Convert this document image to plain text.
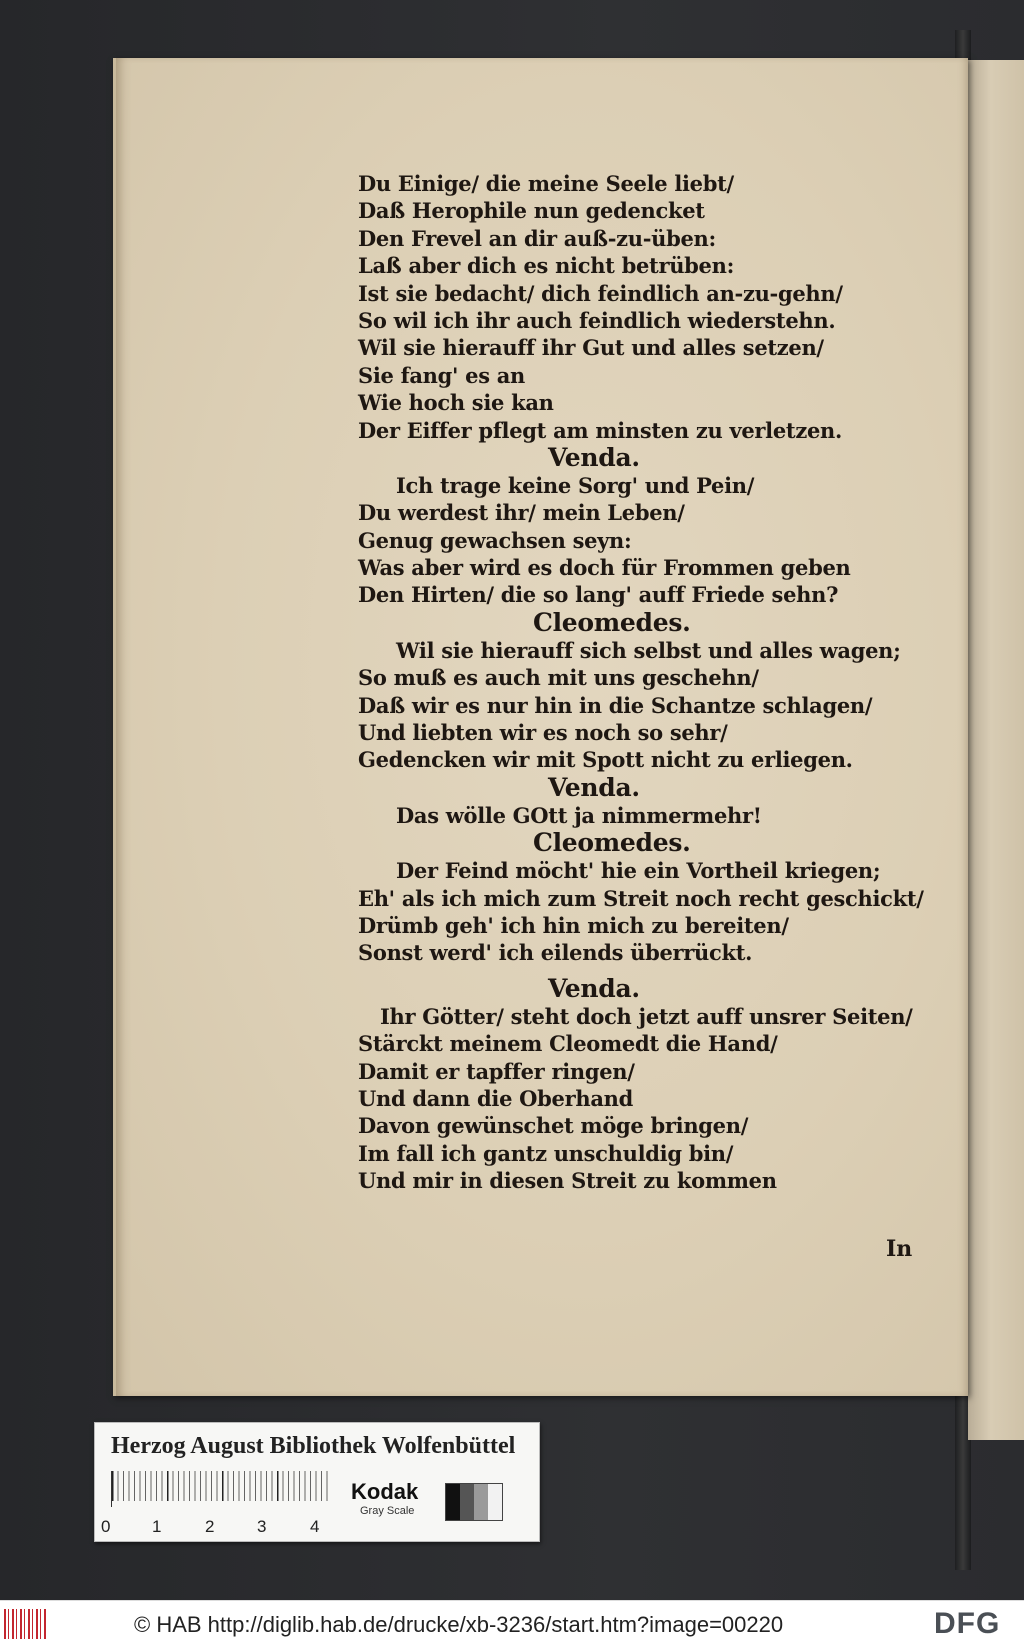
Du Einige/ die meine Seele liebt/
Daß Herophile nun gedencket
Den Frevel an dir auß-zu-üben:
Laß aber dich es nicht betrüben:
Ist sie bedacht/ dich feindlich an-zu-gehn/
So wil ich ihr auch feindlich wiederstehn.
Wil sie hierauff ihr Gut und alles setzen/
Sie fang' es an
Wie hoch sie kan
Der Eiffer pflegt am minsten zu verletzen.
Venda.
Ich trage keine Sorg' und Pein/
Du werdest ihr/ mein Leben/
Genug gewachsen seyn:
Was aber wird es doch für Frommen geben
Den Hirten/ die so lang' auff Friede sehn?
Cleomedes.
Wil sie hierauff sich selbst und alles wagen;
So muß es auch mit uns geschehn/
Daß wir es nur hin in die Schantze schlagen/
Und liebten wir es noch so sehr/
Gedencken wir mit Spott nicht zu erliegen.
Venda.
Das wölle GOtt ja nimmermehr!
Cleomedes.
Der Feind möcht' hie ein Vortheil kriegen;
Eh' als ich mich zum Streit noch recht geschickt/
Drümb geh' ich hin mich zu bereiten/
Sonst werd' ich eilends überrückt.
Venda.
Ihr Götter/ steht doch jetzt auff unsrer Seiten/
Stärckt meinem Cleomedt die Hand/
Damit er tapffer ringen/
Und dann die Oberhand
Davon gewünschet möge bringen/
Im fall ich gantz unschuldig bin/
Und mir in diesen Streit zu kommen
In
Herzog August Bibliothek Wolfenbüttel
0 1	2	3	4
Kodak
Gray Scale
© HAB http://diglib.hab.de/drucke/xb-3236/start.htm?image=00220	DFG
